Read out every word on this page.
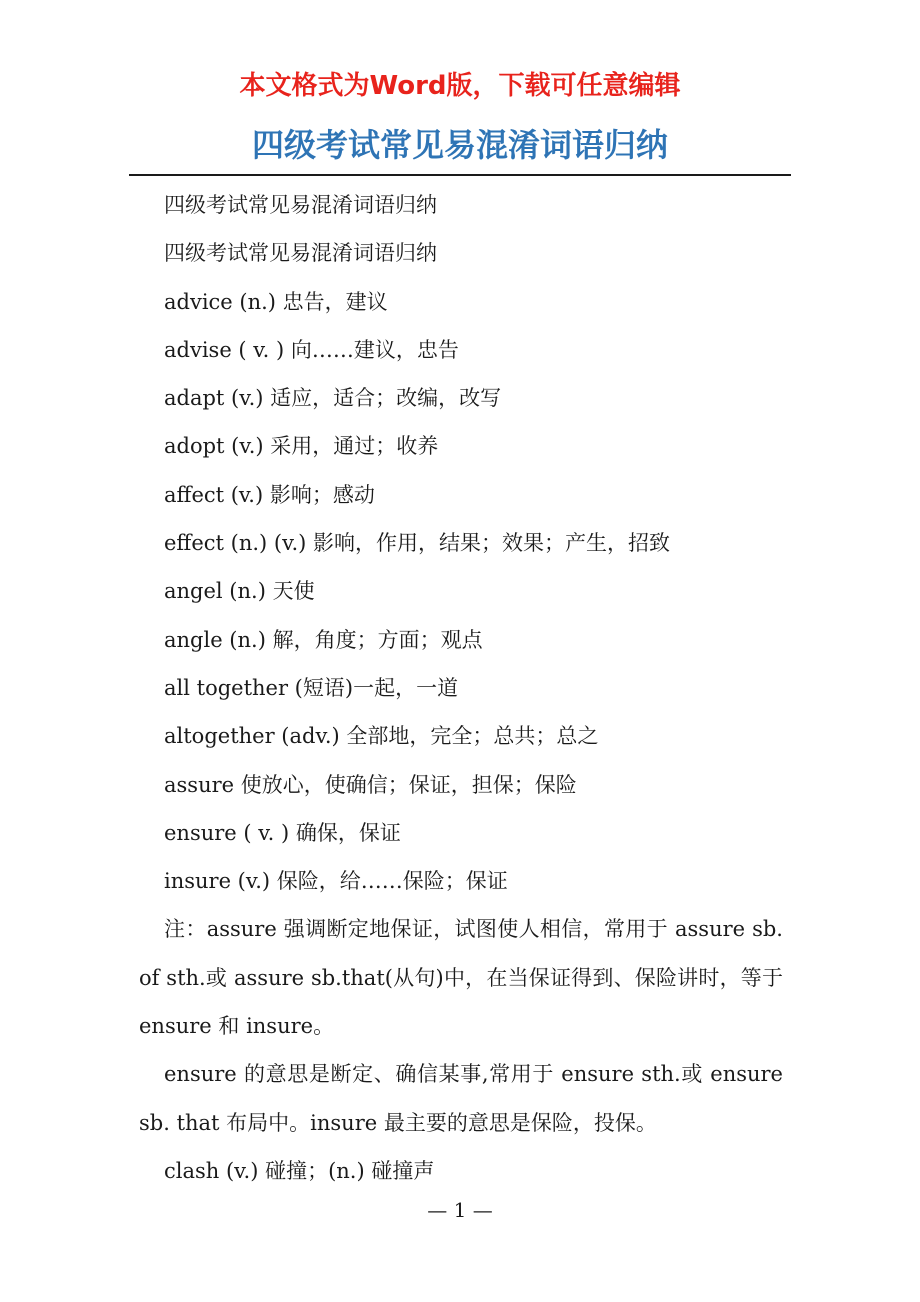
本文格式为Word版，下载可任意编辑
四级考试常见易混淆词语归纳
四级考试常见易混淆词语归纳
四级考试常见易混淆词语归纳
advice (n.) 忠告，建议
advise ( v. ) 向……建议，忠告
adapt (v.) 适应，适合；改编，改写
adopt (v.) 采用，通过；收养
affect (v.) 影响；感动
effect (n.) (v.) 影响，作用，结果；效果；产生，招致
angel (n.) 天使
angle (n.) 解，角度；方面；观点
all together (短语)一起，一道
altogether (adv.) 全部地，完全；总共；总之
assure 使放心，使确信；保证，担保；保险
ensure ( v. ) 确保，保证
insure (v.) 保险，给……保险；保证

注：assure 强调断定地保证，试图使人相信，常用于 assure sb. of sth.或 assure sb.that(从句)中，在当保证得到、保险讲时，等于 ensure 和 insure。

ensure 的意思是断定、确信某事,常用于 ensure sth.或 ensure sb. that 布局中。insure 最主要的意思是保险，投保。

clash (v.) 碰撞；(n.) 碰撞声
— 1 —
